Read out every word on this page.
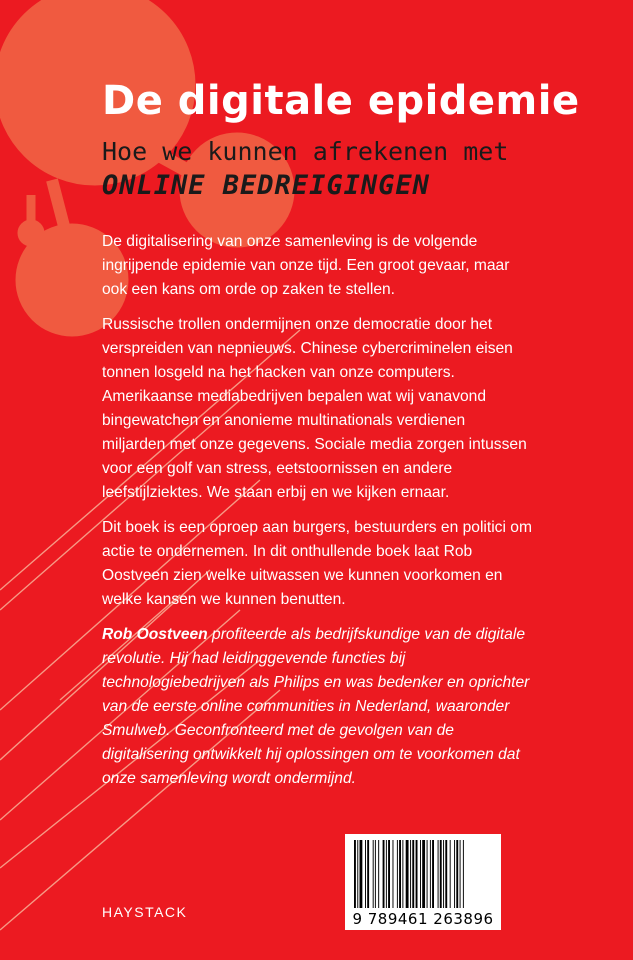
De digitale epidemie
Hoe we kunnen afrekenen met
ONLINE BEDREIGINGEN

De digitalisering van onze samenleving is de volgende ingrijpende epidemie van onze tijd. Een groot gevaar, maar ook een kans om orde op zaken te stellen.

Russische trollen ondermijnen onze democratie door het verspreiden van nepnieuws. Chinese cybercriminelen eisen tonnen losgeld na het hacken van onze computers. Amerikaanse mediabedrijven bepalen wat wij vanavond bingewatchen en anonieme multinationals verdienen miljarden met onze gegevens. Sociale media zorgen intussen voor een golf van stress, eetstoornissen en andere leefstijlziektes. We staan erbij en we kijken ernaar.

Dit boek is een oproep aan burgers, bestuurders en politici om actie te ondernemen. In dit onthullende boek laat Rob Oostveen zien welke uitwassen we kunnen voorkomen en welke kansen we kunnen benutten.

Rob Oostveen profiteerde als bedrijfskundige van de digitale revolutie. Hij had leidinggevende functies bij technologiebedrijven als Philips en was bedenker en oprichter van de eerste online communities in Nederland, waaronder Smulweb. Geconfronteerd met de gevolgen van de digitalisering ontwikkelt hij oplossingen om te voorkomen dat onze samenleving wordt ondermijnd.

HAYSTACK	9 789461 263896
